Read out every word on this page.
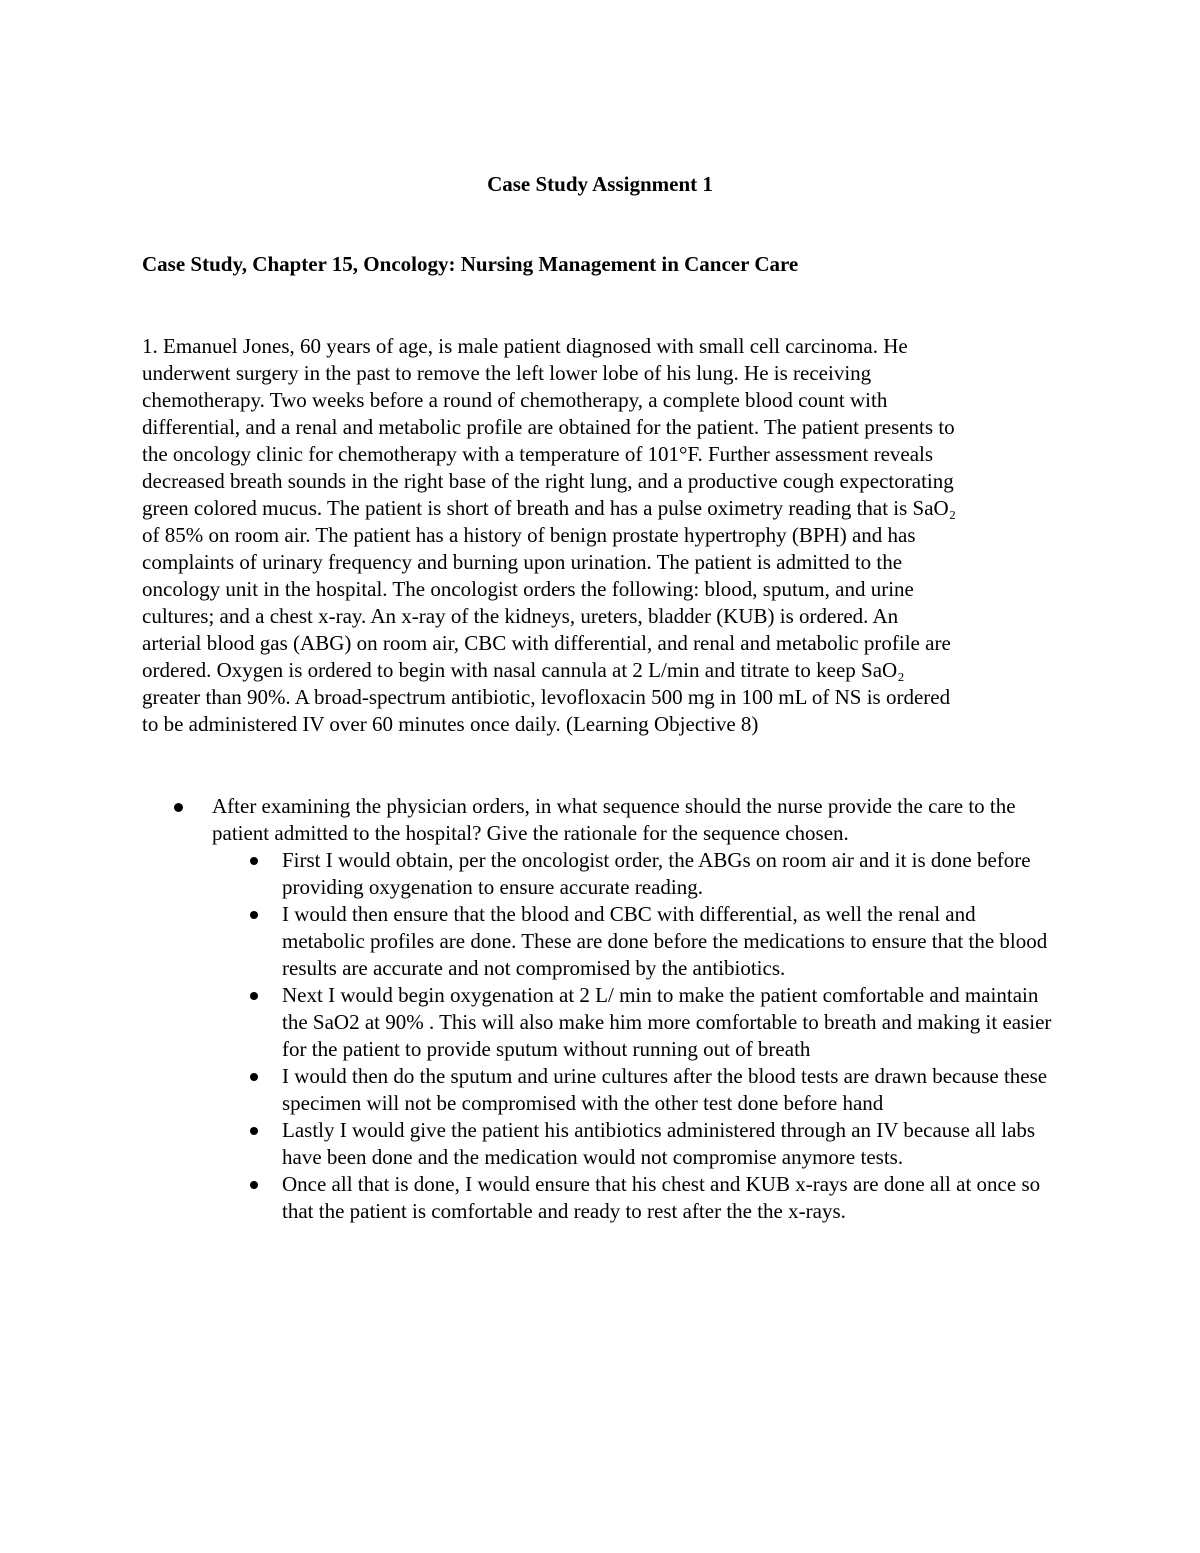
Case Study Assignment 1
Case Study, Chapter 15, Oncology: Nursing Management in Cancer Care

1. Emanuel Jones, 60 years of age, is male patient diagnosed with small cell carcinoma. He
underwent surgery in the past to remove the left lower lobe of his lung. He is receiving
chemotherapy. Two weeks before a round of chemotherapy, a complete blood count with
differential, and a renal and metabolic profile are obtained for the patient. The patient presents to
the oncology clinic for chemotherapy with a temperature of 101°F. Further assessment reveals
decreased breath sounds in the right base of the right lung, and a productive cough expectorating
green colored mucus. The patient is short of breath and has a pulse oximetry reading that is SaO₂
of 85% on room air. The patient has a history of benign prostate hypertrophy (BPH) and has
complaints of urinary frequency and burning upon urination. The patient is admitted to the
oncology unit in the hospital. The oncologist orders the following: blood, sputum, and urine
cultures; and a chest x-ray. An x-ray of the kidneys, ureters, bladder (KUB) is ordered. An
arterial blood gas (ABG) on room air, CBC with differential, and renal and metabolic profile are
ordered. Oxygen is ordered to begin with nasal cannula at 2 L/min and titrate to keep SaO₂
greater than 90%. A broad-spectrum antibiotic, levofloxacin 500 mg in 100 mL of NS is ordered
to be administered IV over 60 minutes once daily. (Learning Objective 8)

After examining the physician orders, in what sequence should the nurse provide the care to the patient admitted to the hospital? Give the rationale for the sequence chosen.
First I would obtain, per the oncologist order, the ABGs on room air and it is done before providing oxygenation to ensure accurate reading.
I would then ensure that the blood and CBC with differential, as well the renal and metabolic profiles are done. These are done before the medications to ensure that the blood results are accurate and not compromised by the antibiotics.
Next I would begin oxygenation at 2 L/ min to make the patient comfortable and maintain the SaO2 at 90% . This will also make him more comfortable to breath and making it easier for the patient to provide sputum without running out of breath
I would then do the sputum and urine cultures after the blood tests are drawn because these specimen will not be compromised with the other test done before hand
Lastly I would give the patient his antibiotics administered through an IV because all labs have been done and the medication would not compromise anymore tests.
Once all that is done, I would ensure that his chest and KUB x-rays are done all at once so that the patient is comfortable and ready to rest after the the x-rays.
